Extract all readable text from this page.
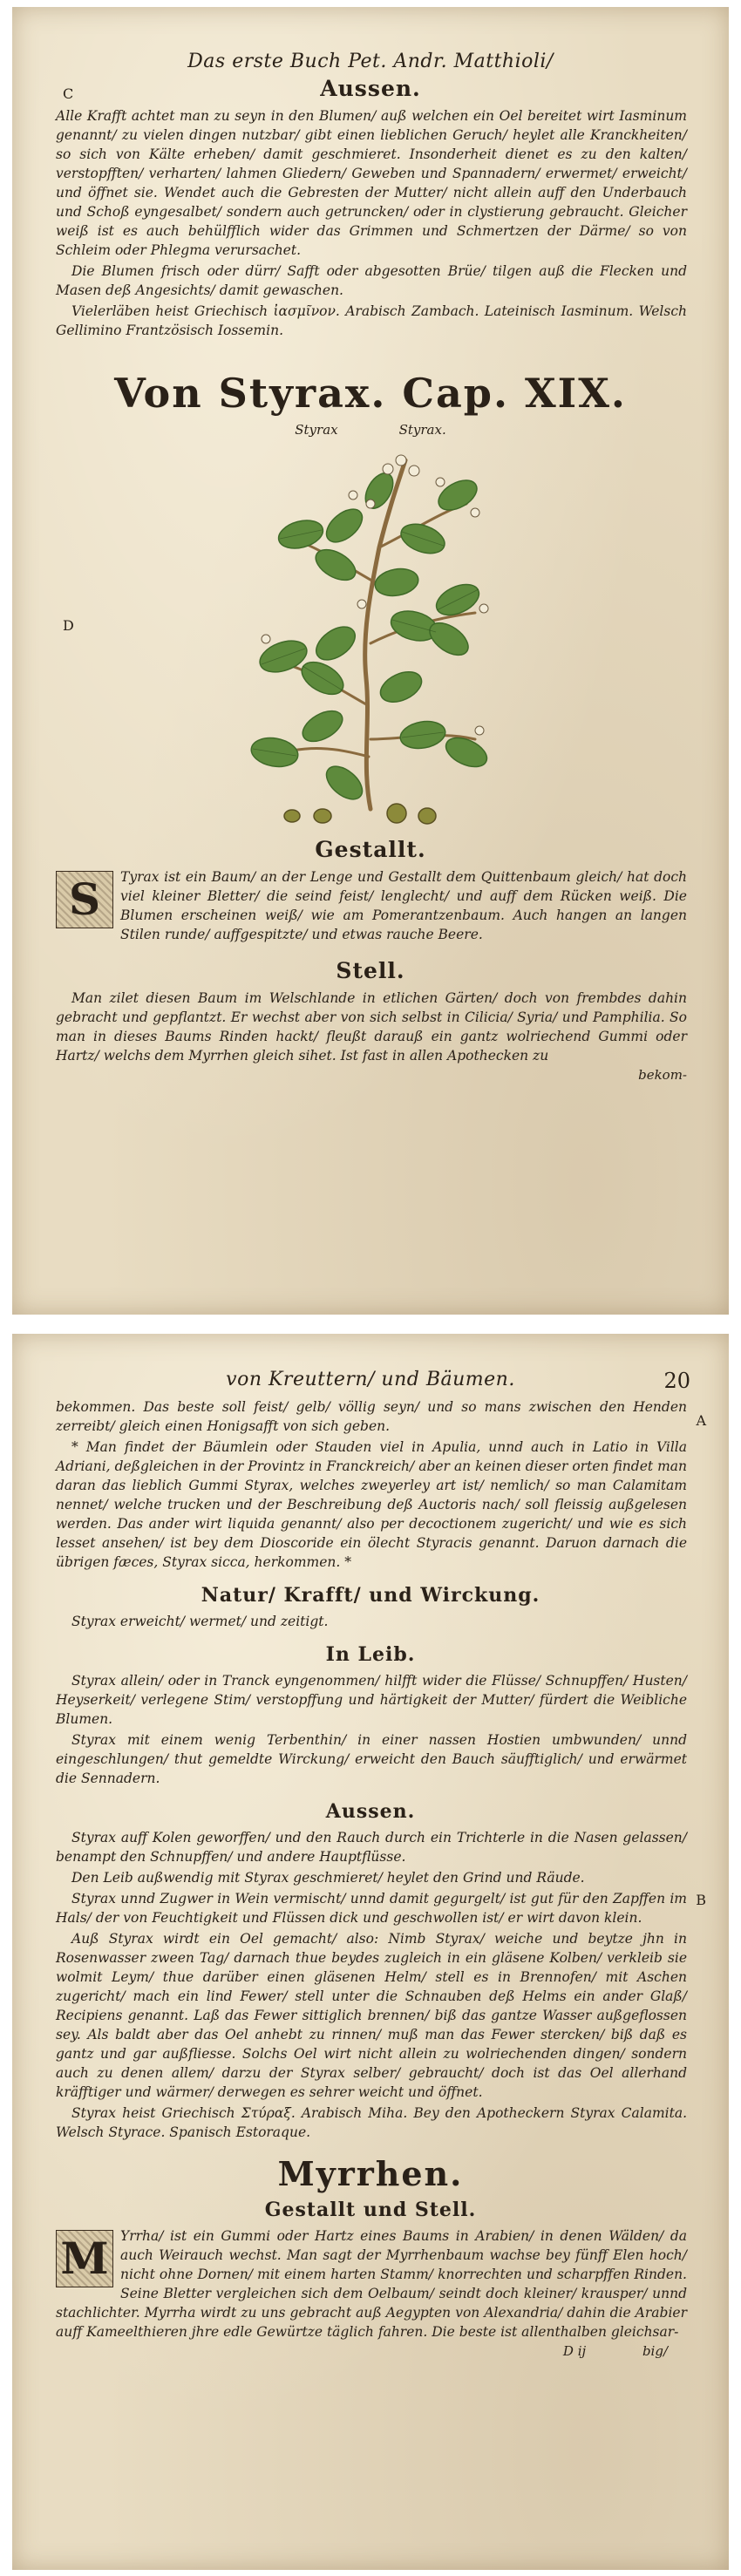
Das erste Buch Pet. Andr. Matthioli/
C
D
Aussen.

Alle Krafft achtet man zu seyn in den Blumen/ auß welchen ein Oel bereitet wirt Iasminum genannt/ zu vielen dingen nutzbar/ gibt einen lieblichen Geruch/ heylet alle Kranckheiten/ so sich von Kälte erheben/ damit geschmieret. Insonderheit dienet es zu den kalten/ verstopfften/ verharten/ lahmen Gliedern/ Geweben und Spannadern/ erwermet/ erweicht/ und öffnet sie. Wendet auch die Gebresten der Mutter/ nicht allein auff den Underbauch und Schoß eyngesalbet/ sondern auch getruncken/ oder in clystierung gebraucht. Gleicher weiß ist es auch behülfflich wider das Grimmen und Schmertzen der Därme/ so von Schleim oder Phlegma verursachet.

Die Blumen frisch oder dürr/ Safft oder abgesotten Brüe/ tilgen auß die Flecken und Masen deß Angesichts/ damit gewaschen.

Vielerläben heist Griechisch ἰασμῖνον. Arabisch Zambach. Lateinisch Iasminum. Welsch Gellimino Frantzösisch Iossemin.

Von Styrax. Cap. XIX.
Styrax	Styrax.
Gestallt.
S	Tyrax ist ein Baum/ an der Lenge und Gestallt dem Quittenbaum gleich/ hat doch viel kleiner Bletter/ die seind feist/ lenglecht/ und auff dem Rücken weiß. Die Blumen erscheinen weiß/ wie am Pomerantzenbaum. Auch hangen an langen Stilen runde/ auffgespitzte/ und etwas rauche Beere.
Stell.

Man zilet diesen Baum im Welschlande in etlichen Gärten/ doch von frembdes dahin gebracht und gepflantzt. Er wechst aber von sich selbst in Cilicia/ Syria/ und Pamphilia. So man in dieses Baums Rinden hackt/ fleußt darauß ein gantz wolriechend Gummi oder Hartz/ welchs dem Myrrhen gleich sihet. Ist fast in allen Apothecken zu

bekom-
von Kreuttern/ und Bäumen.	20
A
B

bekommen. Das beste soll feist/ gelb/ völlig seyn/ und so mans zwischen den Henden zerreibt/ gleich einen Honigsafft von sich geben.

* Man findet der Bäumlein oder Stauden viel in Apulia, unnd auch in Latio in Villa Adriani, deßgleichen in der Provintz in Franckreich/ aber an keinen dieser orten findet man daran das lieblich Gummi Styrax, welches zweyerley art ist/ nemlich/ so man Calamitam nennet/ welche trucken und der Beschreibung deß Auctoris nach/ soll fleissig außgelesen werden. Das ander wirt liquida genannt/ also per decoctionem zugericht/ und wie es sich lesset ansehen/ ist bey dem Dioscoride ein ölecht Styracis genannt. Daruon darnach die übrigen fæces, Styrax sicca, herkommen. *

Natur/ Krafft/ und Wirckung.

Styrax erweicht/ wermet/ und zeitigt.

In Leib.

Styrax allein/ oder in Tranck eyngenommen/ hilfft wider die Flüsse/ Schnupffen/ Husten/ Heyserkeit/ verlegene Stim/ verstopffung und härtigkeit der Mutter/ fürdert die Weibliche Blumen.

Styrax mit einem wenig Terbenthin/ in einer nassen Hostien umbwunden/ unnd eingeschlungen/ thut gemeldte Wirckung/ erweicht den Bauch säufftiglich/ und erwärmet die Sennadern.

Aussen.

Styrax auff Kolen geworffen/ und den Rauch durch ein Trichterle in die Nasen gelassen/ benampt den Schnupffen/ und andere Hauptflüsse.

Den Leib außwendig mit Styrax geschmieret/ heylet den Grind und Räude.

Styrax unnd Zugwer in Wein vermischt/ unnd damit gegurgelt/ ist gut für den Zapffen im Hals/ der von Feuchtigkeit und Flüssen dick und geschwollen ist/ er wirt davon klein.

Auß Styrax wirdt ein Oel gemacht/ also: Nimb Styrax/ weiche und beytze jhn in Rosenwasser zween Tag/ darnach thue beydes zugleich in ein gläsene Kolben/ verkleib sie wolmit Leym/ thue darüber einen gläsenen Helm/ stell es in Brennofen/ mit Aschen zugericht/ mach ein lind Fewer/ stell unter die Schnauben deß Helms ein ander Glaß/ Recipiens genannt. Laß das Fewer sittiglich brennen/ biß das gantze Wasser außgeflossen sey. Als baldt aber das Oel anhebt zu rinnen/ muß man das Fewer stercken/ biß daß es gantz und gar außfliesse. Solchs Oel wirt nicht allein zu wolriechenden dingen/ sondern auch zu denen allem/ darzu der Styrax selber/ gebraucht/ doch ist das Oel allerhand kräfftiger und wärmer/ derwegen es sehrer weicht und öffnet.

Styrax heist Griechisch Στύραξ. Arabisch Miha. Bey den Apotheckern Styrax Calamita. Welsch Styrace. Spanisch Estoraque.

Myrrhen.
Gestallt und Stell.
M Yrrha/ ist ein Gummi oder Hartz eines Baums in Arabien/ in denen Wälden/ da auch Weirauch wechst. Man sagt der Myrrhenbaum wachse bey fünff Elen hoch/ nicht ohne Dornen/ mit einem harten Stamm/ knorrechten und scharpffen Rinden. Seine Bletter vergleichen sich dem Oelbaum/ seindt doch kleiner/ krausper/ unnd stachlichter. Myrrha wirdt zu uns gebracht auß Aegypten von Alexandria/ dahin die Arabier auff Kameelthieren jhre edle Gewürtze täglich fahren. Die beste ist allenthalben gleichsar-
D ij	big/
